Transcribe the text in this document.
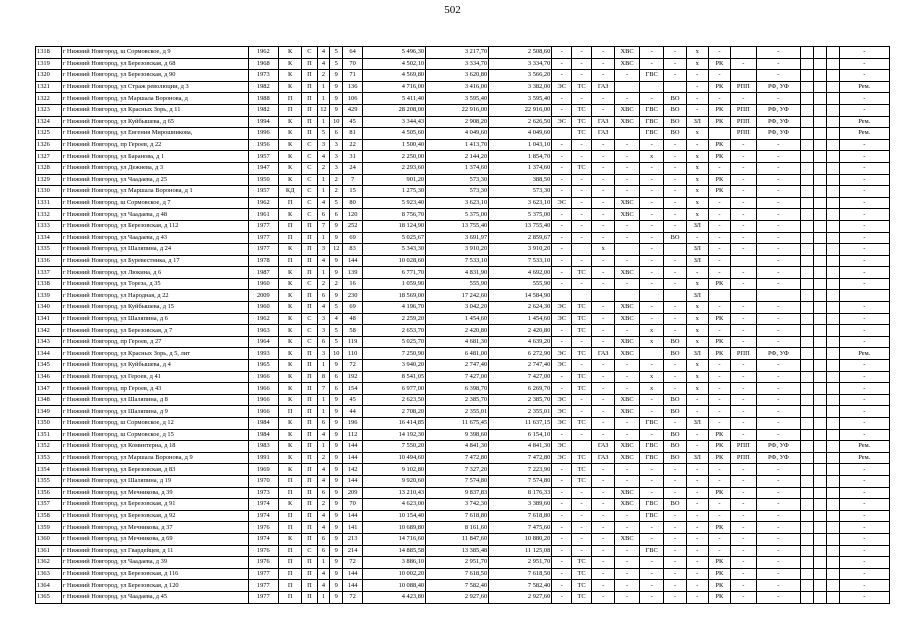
502
1318	г Нижний Новгород, ш Сормовское, д 9	1962	К	С	4	5	64	5 496,30	3 217,70	2 508,60	-	-	-	ХВС	-	-	х	-		-				-
1319	г Нижний Новгород, ул Березовская, д 68	1968	К	П	4	5	70	4 502,10	3 334,70	3 334,70	-	-	-	ХВС	-	-	х	РК	-	-				-
1320	г Нижний Новгород, ул Березовская, д 90	1973	К	П	2	9	71	4 569,80	3 620,80	3 566,20	-	-	-	-	ГВС	-	-	-		-				-
1321	г Нижний Новгород, ул Страж революции, д 3	1982	К	П	1	9	136	4 716,00	3 416,00	3 382,00	ЭС	ТС	ГАЗ				-	РК	РПП	РФ, УФ				Рем.
1322	г Нижний Новгород, ул Маршала Воронова, д	1988	П	П	1	9	106	5 411,40	3 595,40	3 595,40	-	-	-	-	-	ВО	-	-	-	-				-
1323	г Нижний Новгород, ул Красных Зорь, д 11	1982	П	П	12	9	429	28 208,00	22 916,00	22 916,00	-	ТС	-	ХВС	ГВС	ВО	-	РК	РПП	РФ, УФ				-
1324	г Нижний Новгород, ул Куйбышева, д 65	1994	К	П	1	10	45	3 344,43	2 908,20	2 626,50	ЭС	ТС	ГАЗ	ХВС	ГВС	ВО	ЗЛ	РК	РПП	РФ, УФ				Рем.
1325	г Нижний Новгород, ул Евгения Мирошникова,	1996	К	П	5	6	81	4 505,60	4 049,60	4 049,60		ТС	ГАЗ		ГВС	ВО	х		РПП	РФ, УФ				Рем.
1326	г Нижний Новгород, пр Героев, д 22	1956	К	С	3	3	22	1 500,40	1 413,70	1 043,10	-	-	-	-	-	-	-	РК	-	-				-
1327	г Нижний Новгород, ул Баранова, д 1	1957	К	С	4	3	31	2 250,00	2 144,20	1 854,70	-	-	-	-	х	-	х	РК	-	-				-
1328	г Нижний Новгород, ул Дежнева, д 3	1947	К	С	2	3	24	2 293,60	1 374,60	1 374,60	-	ТС	-	-	-	-	х	-	-	-				-
1329	г Нижний Новгород, ул Чаадаева, д 25	1950	К	С	1	2	7	901,20	573,30	388,50	-	-	-	-	-	-	х	РК	-	-				-
1330	г Нижний Новгород, ул Маршала Воронова, д 1	1957	КД	С	1	2	15	1 275,30	573,30	573,30	-	-	-	-	-	-	х	РК	-	-				-
1331	г Нижний Новгород, ш Сормовское, д 7	1962	П	С	4	5	80	5 923,40	3 623,10	3 623,10	ЭС	-	-	ХВС	-	-	х	-	-	-				-
1332	г Нижний Новгород, ул Чаадаева, д 48	1961	К	С	6	6	120	8 756,70	5 375,00	5 375,00	-	-	-	ХВС	-	-	х	-	-	-				-
1333	г Нижний Новгород, ул Березовская, д 112	1977	П	П	7	9	252	18 124,90	13 755,40	13 755,40	-	-	-	-	-	-	ЗЛ	-	-	-				-
1334	г Нижний Новгород, ул Чаадаева, д 43	1977	П	П	1	9	69	5 025,67	3 691,97	2 859,67	-	-	-	-	-	ВО	-	-	-	-				-
1335	г Нижний Новгород, ул Шаляпина, д 24	1977	К	П	3	12	83	5 343,30	3 910,20	3 910,20	-		х		-		ЗЛ	-	-	-				-
1336	г Нижний Новгород, ул Буревестника, д 17	1978	П	П	4	9	144	10 028,60	7 533,10	7 533,10	-	-	-	-	-	-	ЗЛ	-		-				-
1337	г Нижний Новгород, ул Люкина, д 6	1987	К	П	1	9	139	6 771,70	4 831,90	4 692,00	-	ТС	-	ХВС	-	-	-	-	-	-				-
1338	г Нижний Новгород, ул Тореза, д 35	1960	К	С	2	2	16	1 059,90	555,90	555,90	-	-	-	-	-	-	х	РК	-	-				-
1339	г Нижний Новгород, ул Народная, д 22	2009	К	П	6	9	230	18 569,00	17 242,60	14 584,90							ЗЛ							
1340	г Нижний Новгород, ул Куйбышева, д 15	1960	К	П	4	5	69	4 196,70	3 042,20	2 624,30	ЭС	ТС	-	ХВС	-	-	х	-	-	-				-
1341	г Нижний Новгород, ул Шаляпина, д 6	1962	К	С	3	4	48	2 259,20	1 454,60	1 454,60	ЭС	ТС	-	ХВС	-	-	х	РК	-	-				-
1342	г Нижний Новгород, ул Березовская, д 7	1963	К	С	3	5	58	2 653,70	2 420,80	2 420,80	-	ТС	-	-	х	-	х	-	-	-				-
1343	г Нижний Новгород, пр Героев, д 27	1964	К	С	6	5	119	5 025,70	4 681,30	4 639,20	-	-	-	ХВС	х	ВО	х	РК	-	-				-
1344	г Нижний Новгород, ул Красных Зорь, д 5, лит	1993	К	П	3	10	110	7 250,90	6 481,00	6 272,90	ЭС	ТС	ГАЗ	ХВС		ВО	ЗЛ	РК	РПП	РФ, УФ				Рем.
1345	г Нижний Новгород, ул Куйбышева, д 4	1965	К	П	1	9	72	3 940,20	2 747,40	2 747,40	ЭС	-	-	-	-	-	х	-	-	-				-
1346	г Нижний Новгород, ул Героев, д 41	1966	К	П	8	6	192	8 541,05	7 427,00	7 427,00	-	ТС	-	-	х	-	х	-	-	-				-
1347	г Нижний Новгород, пр Героев, д 43	1966	К	П	7	6	154	6 977,00	6 398,70	6 269,70	-	ТС	-	-	х	-	х	-	-	-				-
1348	г Нижний Новгород, ул Шаляпина, д 8	1966	К	П	1	9	45	2 623,50	2 385,70	2 385,70	ЭС	-	-	ХВС	-	ВО	-	-	-	-				-
1349	г Нижний Новгород, ул Шаляпина, д 9	1966	П	П	1	9	44	2 708,20	2 355,01	2 355,01	ЭС	-	-	ХВС	-	ВО	-	-	-	-				-
1350	г Нижний Новгород, ш Сормовское, д 12	1984	К	П	6	9	196	16 414,85	11 675,45	11 637,15	ЭС	ТС	-	-	ГВС	-	ЗЛ	-	-	-				-
1351	г Нижний Новгород, ш Сормовское, д 15	1984	К	П	4	9	112	14 192,30	9 398,60	6 154,10	-	-	-	-	-	ВО	-	РК	-	-				-
1352	г Нижний Новгород, ул Коминтерна, д 18	1983	К	П	1	9	144	7 550,20	4 841,30	4 841,30	ЭС		ГАЗ	ХВС	ГВС	ВО	-	РК	РПП	РФ, УФ				Рем.
1353	г Нижний Новгород, ул Маршала Воронова, д 9	1991	К	П	2	9	144	10 494,60	7 472,80	7 472,80	ЭС	ТС	ГАЗ	ХВС	ГВС	ВО	ЗЛ	РК	РПП	РФ, УФ				Рем.
1354	г Нижний Новгород, ул Березовская, д 83	1969	К	П	4	9	142	9 102,80	7 327,20	7 223,90	-	ТС	-	-	-	-	-	-	-	-				-
1355	г Нижний Новгород, ул Шаляпина, д 19	1970	П	П	4	9	144	9 920,60	7 574,80	7 574,80	-	ТС	-	-	-	-	-	-	-	-				-
1356	г Нижний Новгород, ул Мечникова, д 39	1973	П	П	6	9	209	13 210,43	9 837,83	8 176,33	-	-	-	ХВС	-	-	-	РК	-	-				-
1357	г Нижний Новгород, ул Березовская, д 91	1974	К	П	2	9	70	4 623,00	3 742,30	3 389,60	-	-	-	ХВС	ГВС	ВО	-	-	-	-				-
1358	г Нижний Новгород, ул Березовская, д 92	1974	П	П	4	9	144	10 154,40	7 618,80	7 618,80	-	-	-	-	ГВС	-	-	-	-	-				-
1359	г Нижний Новгород, ул Мечникова, д 37	1976	П	П	4	9	141	10 689,80	8 161,60	7 475,60	-	-	-	-	-	-	-	РК	-	-				-
1360	г Нижний Новгород, ул Мечникова, д 69	1974	К	П	6	9	213	14 716,60	11 847,60	10 880,20	-	-	-	ХВС	-	-	-	-	-	-				-
1361	г Нижний Новгород, ул Гвардейцев, д 11	1976	П	С	6	9	214	14 885,58	13 385,48	11 125,08	-	-	-	-	ГВС	-	-	-	-	-				-
1362	г Нижний Новгород, ул Чаадаева, д 39	1976	П	П	1	9	72	3 886,10	2 951,70	2 951,70	-	ТС	-	-	-	-	-	РК	-	-				-
1363	г Нижний Новгород, ул Березовская, д 116	1977	П	П	4	9	144	10 002,20	7 618,50	7 618,50	-	ТС	-	-	-	-	-	РК	-	-				-
1364	г Нижний Новгород, ул Березовская, д 120	1977	П	П	4	9	144	10 088,40	7 582,40	7 582,40	-	ТС	-	-	-	-	-	РК	-	-				-
1365	г Нижний Новгород, ул Чаадаева, д 45	1977	П	П	1	9	72	4 423,80	2 927,60	2 927,60	-	ТС	-	-	-	-	-	РК	-	-				-
